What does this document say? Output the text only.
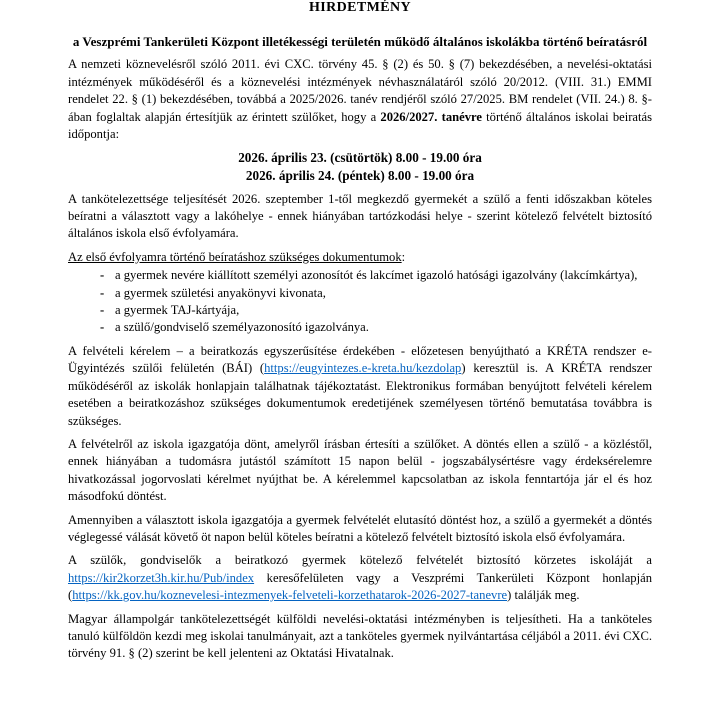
HIRDETMÉNY
a Veszprémi Tankerületi Központ illetékességi területén működő általános iskolákba történő beíratásról

A nemzeti köznevelésről szóló 2011. évi CXC. törvény 45. § (2) és 50. § (7) bekezdésében, a nevelési-oktatási intézmények működéséről és a köznevelési intézmények névhasználatáról szóló 20/2012. (VIII. 31.) EMMI rendelet 22. § (1) bekezdésében, továbbá a 2025/2026. tanév rendjéről szóló 27/2025. BM rendelet (VII. 24.) 8. §-ában foglaltak alapján értesítjük az érintett szülőket, hogy a 2026/2027. tanévre történő általános iskolai beiratás időpontja:

2026. április 23. (csütörtök) 8.00 - 19.00 óra
2026. április 24. (péntek) 8.00 - 19.00 óra

A tankötelezettsége teljesítését 2026. szeptember 1-től megkezdő gyermekét a szülő a fenti időszakban köteles beíratni a választott vagy a lakóhelye - ennek hiányában tartózkodási helye - szerint kötelező felvételt biztosító általános iskola első évfolyamára.

Az első évfolyamra történő beíratáshoz szükséges dokumentumok:

- a gyermek nevére kiállított személyi azonosítót és lakcímet igazoló hatósági igazolvány (lakcímkártya),
- a gyermek születési anyakönyvi kivonata,
- a gyermek TAJ-kártyája,
- a szülő/gondviselő személyazonosító igazolványa.

A felvételi kérelem – a beiratkozás egyszerűsítése érdekében - előzetesen benyújtható a KRÉTA rendszer e-Ügyintézés szülői felületén (BÁI) (https://eugyintezes.e-kreta.hu/kezdolap) keresztül is. A KRÉTA rendszer működéséről az iskolák honlapjain találhatnak tájékoztatást. Elektronikus formában benyújtott felvételi kérelem esetében a beiratkozáshoz szükséges dokumentumok eredetijének személyesen történő bemutatása továbbra is szükséges.

A felvételről az iskola igazgatója dönt, amelyről írásban értesíti a szülőket. A döntés ellen a szülő - a közléstől, ennek hiányában a tudomásra jutástól számított 15 napon belül - jogszabálysértésre vagy érdeksérelemre hivatkozással jogorvoslati kérelmet nyújthat be. A kérelemmel kapcsolatban az iskola fenntartója jár el és hoz másodfokú döntést.

Amennyiben a választott iskola igazgatója a gyermek felvételét elutasító döntést hoz, a szülő a gyermekét a döntés véglegessé válását követő öt napon belül köteles beíratni a kötelező felvételt biztosító iskola első évfolyamára.

A szülők, gondviselők a beiratkozó gyermek kötelező felvételét biztosító körzetes iskoláját a https://kir2korzet3h.kir.hu/Pub/index keresőfelületen vagy a Veszprémi Tankerületi Központ honlapján (https://kk.gov.hu/koznevelesi-intezmenyek-felveteli-korzethatarok-2026-2027-tanevre) találják meg.

Magyar állampolgár tankötelezettségét külföldi nevelési-oktatási intézményben is teljesítheti. Ha a tanköteles tanuló külföldön kezdi meg iskolai tanulmányait, azt a tanköteles gyermek nyilvántartása céljából a 2011. évi CXC. törvény 91. § (2) szerint be kell jelenteni az Oktatási Hivatalnak.
